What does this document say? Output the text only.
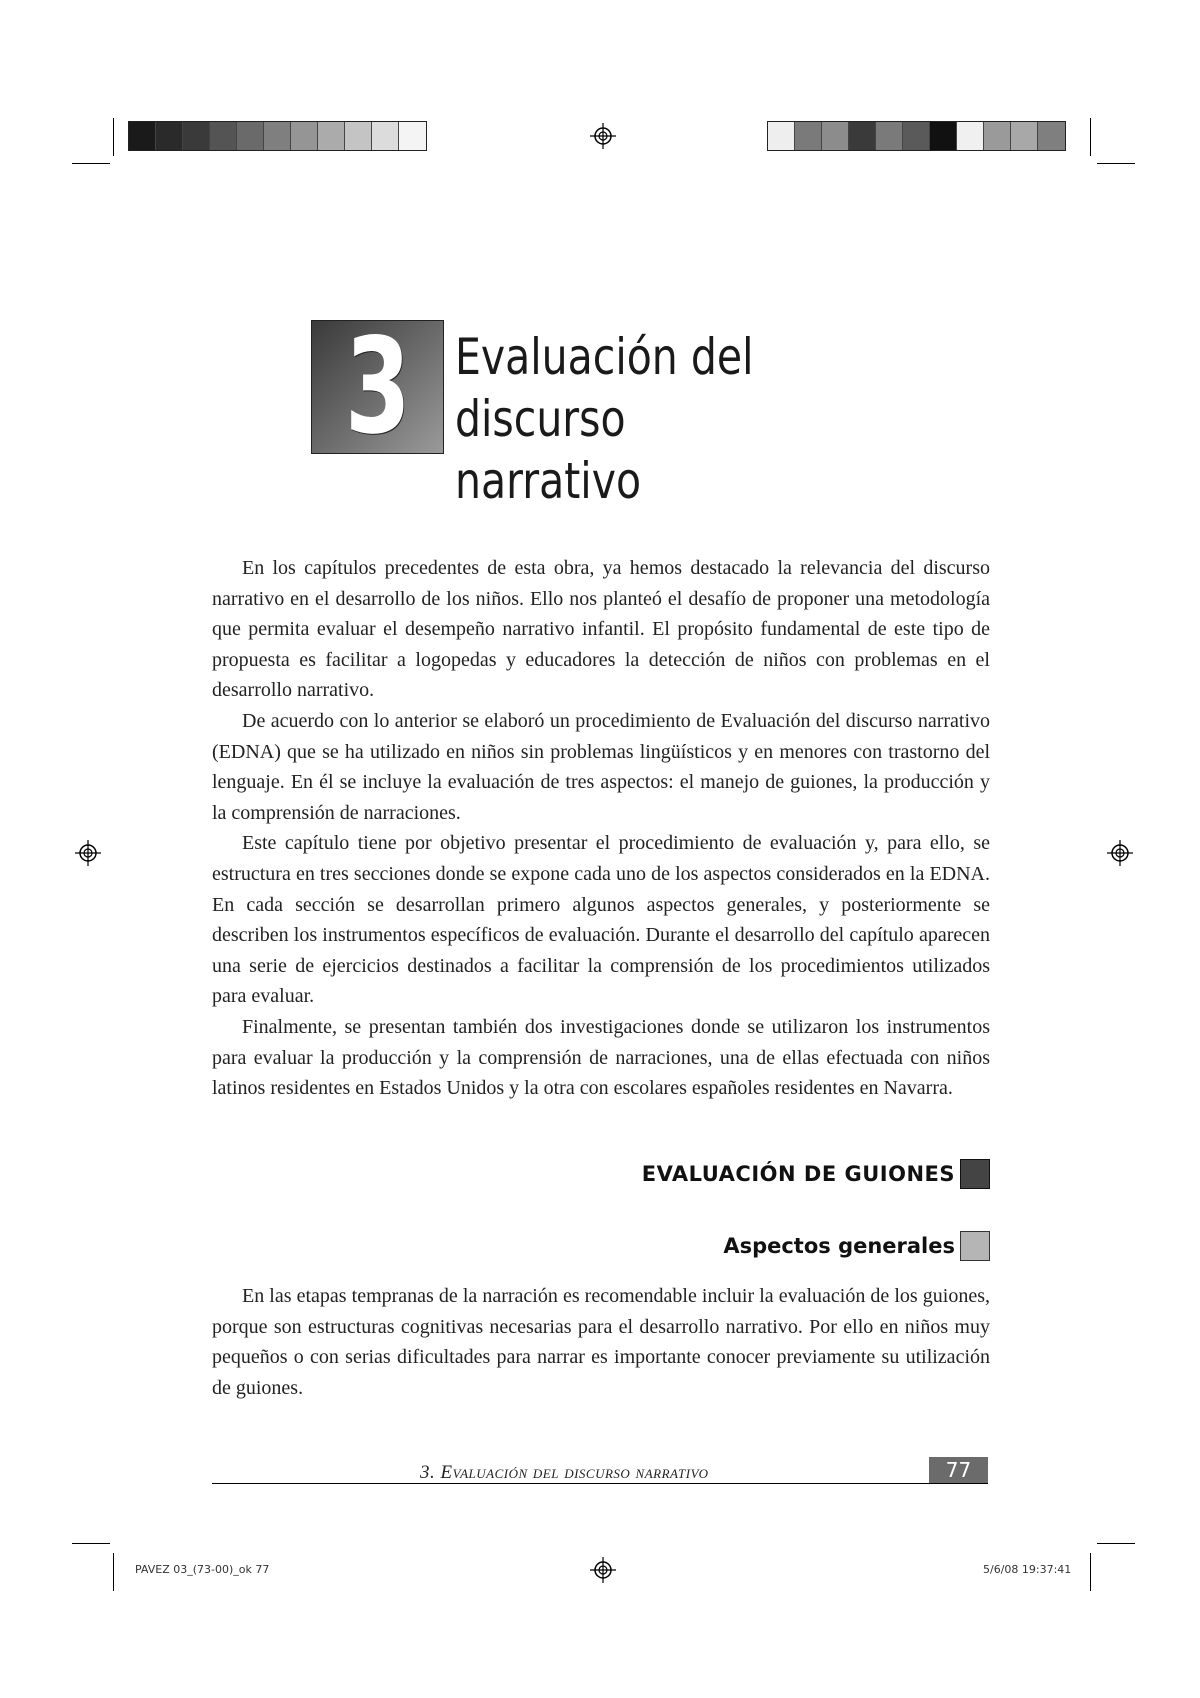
3 Evaluación del discurso
narrativo

En los capítulos precedentes de esta obra, ya hemos destacado la relevancia del discurso narrativo en el desarrollo de los niños. Ello nos planteó el desafío de proponer una metodología que permita evaluar el desempeño narrativo infantil. El propósito fundamental de este tipo de propuesta es facilitar a logopedas y educadores la detección de niños con problemas en el desarrollo narrativo.

De acuerdo con lo anterior se elaboró un procedimiento de Evaluación del discurso narrativo (EDNA) que se ha utilizado en niños sin problemas lingüísticos y en menores con trastorno del lenguaje. En él se incluye la evaluación de tres aspectos: el manejo de guiones, la producción y la comprensión de narraciones.

Este capítulo tiene por objetivo presentar el procedimiento de evaluación y, para ello, se estructura en tres secciones donde se expone cada uno de los aspectos considerados en la EDNA. En cada sección se desarrollan primero algunos aspectos generales, y posteriormente se describen los instrumentos específicos de evaluación. Durante el desarrollo del capítulo aparecen una serie de ejercicios destinados a facilitar la comprensión de los procedimientos utilizados para evaluar.

Finalmente, se presentan también dos investigaciones donde se utilizaron los instrumentos para evaluar la producción y la comprensión de narraciones, una de ellas efectuada con niños latinos residentes en Estados Unidos y la otra con escolares españoles residentes en Navarra.

EVALUACIÓN DE GUIONES
Aspectos generales

En las etapas tempranas de la narración es recomendable incluir la evaluación de los guiones, porque son estructuras cognitivas necesarias para el desarrollo narrativo. Por ello en niños muy pequeños o con serias dificultades para narrar es importante conocer previamente su utilización de guiones.

3. Evaluación del discurso narrativo	77
PAVEZ 03_(73-00)_ok 77	5/6/08 19:37:41
